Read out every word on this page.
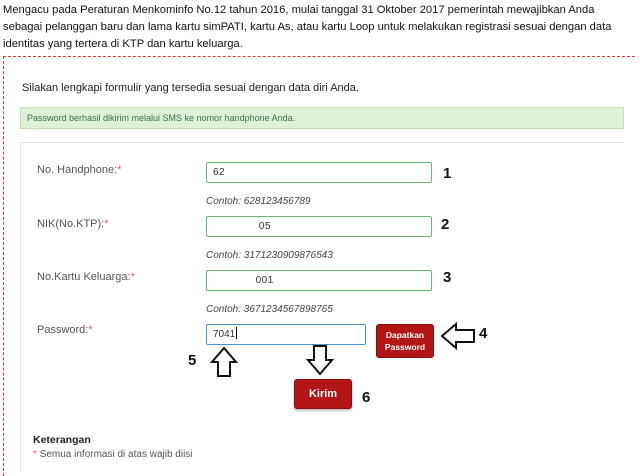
Mengacu pada Peraturan Menkominfo No.12 tahun 2016, mulai tanggal 31 Oktober 2017 pemerintah mewajibkan Anda sebagai pelanggan baru dan lama kartu simPATI, kartu As, atau kartu Loop untuk melakukan registrasi sesuai dengan data identitas yang tertera di KTP dan kartu keluarga.
Silakan lengkapi formulir yang tersedia sesuai dengan data diri Anda.
Password berhasil dikirim melalui SMS ke nomor handphone Anda.
No. Handphone:*	62           
Contoh: 628123456789
1
NIK(No.KTP):*	              05
Contoh: 3171230909876543
2
No.Kartu Keluarga:*	             001
Contoh: 3671234567898765
3
Password:*	7041	Dapatkan Password
4
5
Kirim	6
Keterangan
* Semua informasi di atas wajib diisi
